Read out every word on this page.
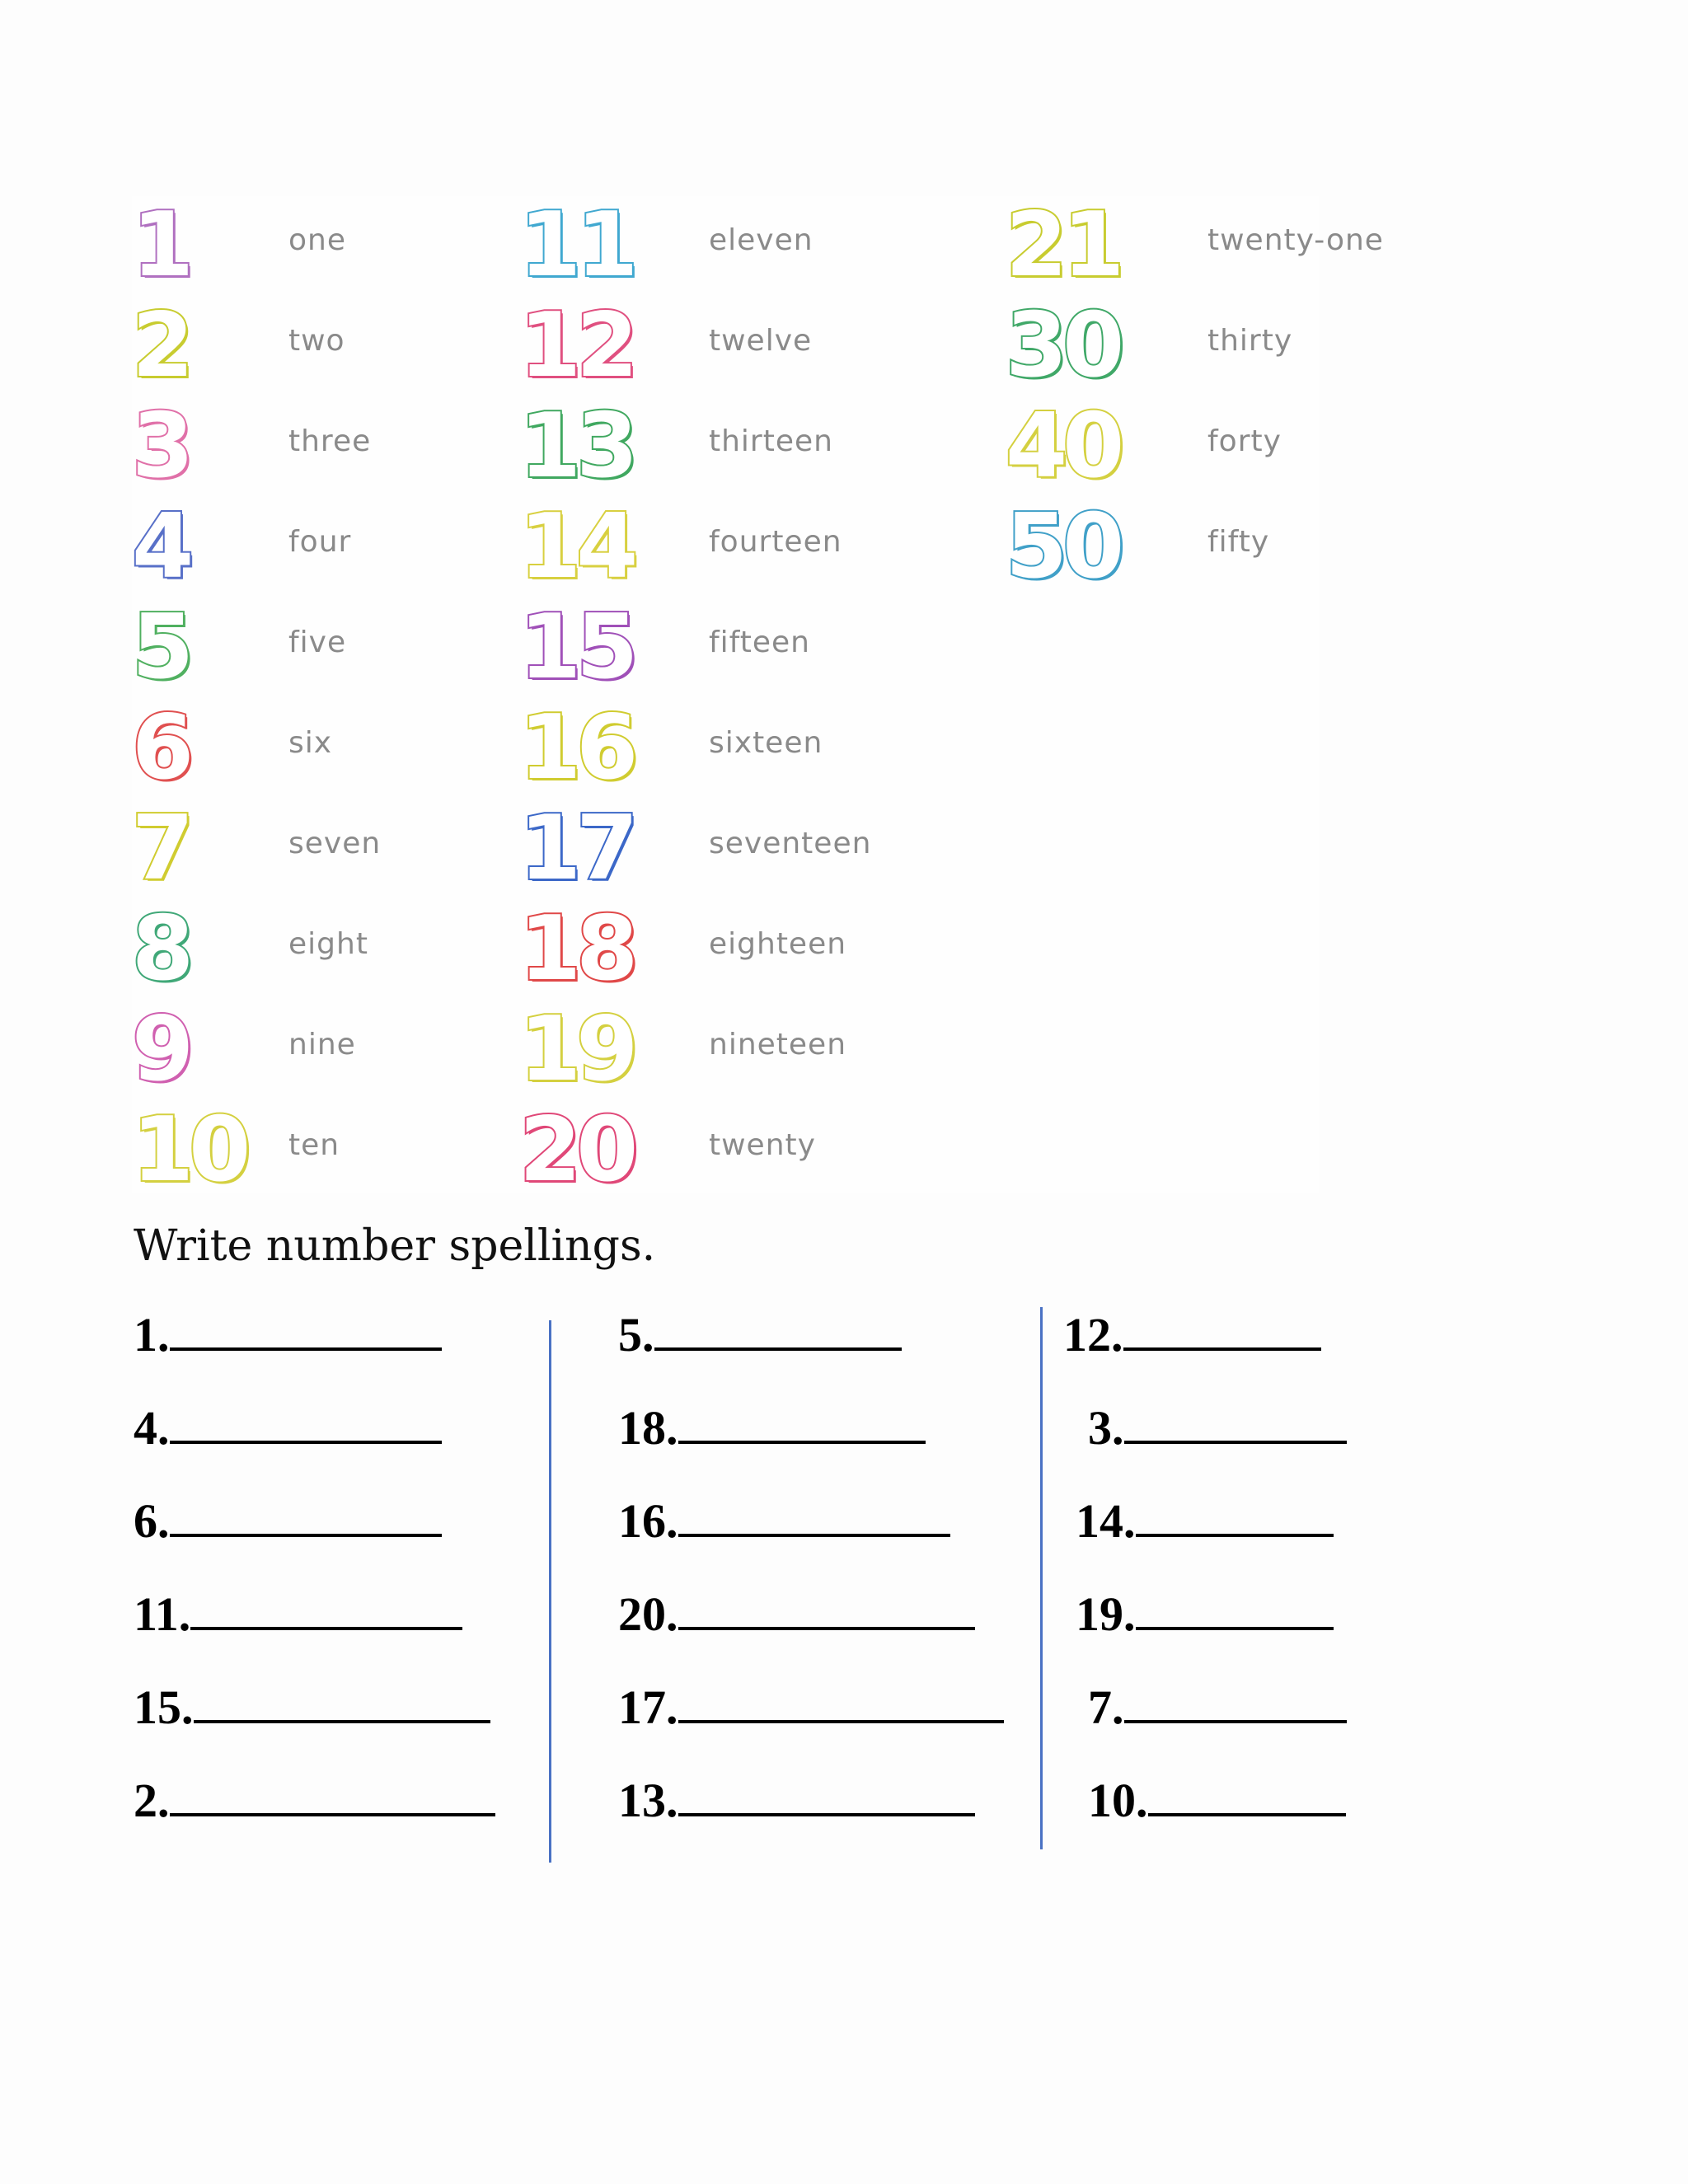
1	one
2	two
3	three
4	four
5	five
6	six
7	seven
8	eight
9	nine
10 ten
11	eleven
12	twelve
13	thirteen
14	fourteen
15	fifteen
16	sixteen
17	seventeen
18	eighteen
19	nineteen
20	twenty
21	twenty-one
30	thirty
40	forty
50	fifty
Write number spellings.
1.
4.
6.
11.
15.
2.
5.
18.
16.
20.
17.
13.
12.
3.
14.
19.
7.
10.
